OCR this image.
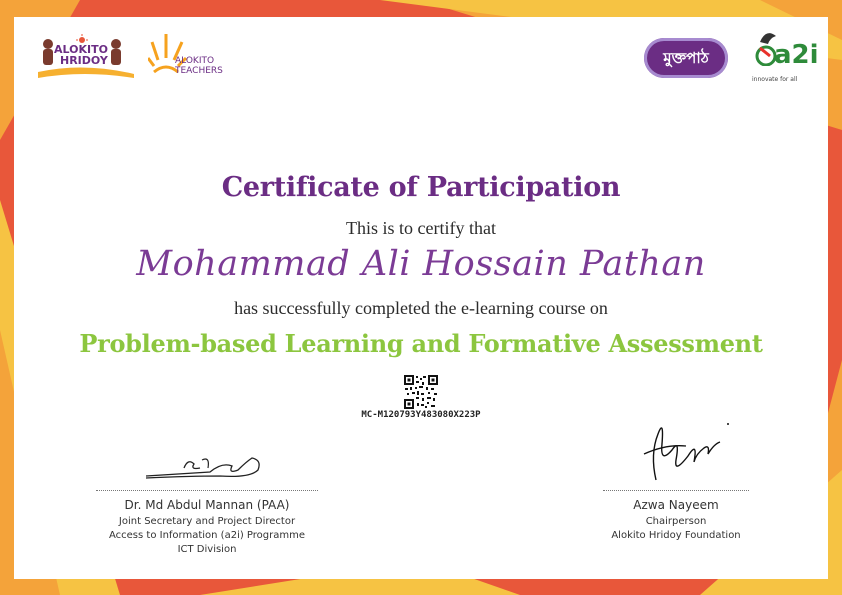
ALOKITO
HRIDOY	ALOKITO
TEACHERS
মুক্তপাঠ	a2i
innovate for all
Certificate of Participation
This is to certify that
Mohammad Ali Hossain Pathan
has successfully completed the e-learning course on
Problem-based Learning and Formative Assessment
MC-M120793Y483080X223P
Dr. Md Abdul Mannan (PAA)
Joint Secretary and Project Director
Access to Information (a2i) Programme
ICT Division
Azwa Nayeem
Chairperson
Alokito Hridoy Foundation
